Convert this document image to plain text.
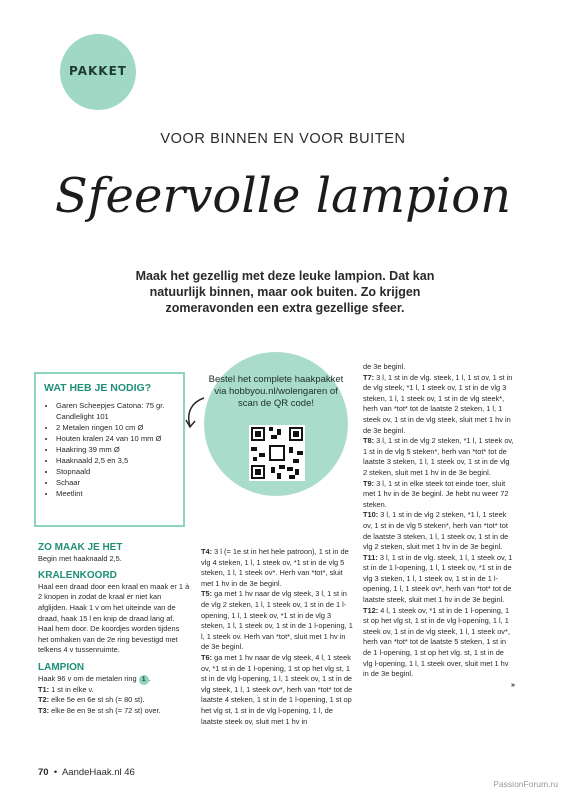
PAKKET
VOOR BINNEN EN VOOR BUITEN
Sfeervolle lampion
Maak het gezellig met deze leuke lampion. Dat kan natuurlijk binnen, maar ook buiten. Zo krijgen zomeravonden een extra gezellige sfeer.
WAT HEB JE NODIG?
• Garen Scheepjes Catona: 75 gr. Candlelight 101
• 2 Metalen ringen 10 cm Ø
• Houten kralen 24 van 10 mm Ø
• Haakring 39 mm Ø
• Haaknaald 2,5 en 3,5
• Stopnaald
• Schaar
• Meetlint
Bestel het complete haakpakket via hobbyou.nl/wolengaren of scan de QR code!
ZO MAAK JE HET

Begin met haaknaald 2,5.

KRALENKOORD

Haal een draad door een kraal en maak er 1 à 2 knopen in zodat de kraal er niet kan afglijden. Haak 1 v om het uiteinde van de draad, haak 15 l en knip de draad lang af. Haal hem door. De koordjes worden tijdens het omhaken van de 2e ring bevestigd met telkens 4 v tussenruimte.

LAMPION

Haak 96 v om de metalen ring 1 .

T1: 1 st in elke v.

T2: elke 5e en 6e st sh (= 80 st).

T3: elke 8e en 9e st sh (= 72 st) over.

T4: 3 l (= 1e st in het hele patroon), 1 st in de vlg 4 steken, 1 l, 1 steek ov, *1 st in de vlg 5 steken, 1 l, 1 steek ov*. Herh van *tot*, sluit met 1 hv in de 3e beginl.

T5: ga met 1 hv naar de vlg steek, 3 l, 1 st in de vlg 2 steken, 1 l, 1 steek ov, 1 st in de 1 l-opening, 1 l, 1 steek ov, *1 st in de vlg 3 steken, 1 l, 1 steek ov, 1 st in de 1 l-opening, 1 l, 1 steek ov. Herh van *tot*, sluit met 1 hv in de 3e beginl.

T6: ga met 1 hv naar de vlg steek, 4 l, 1 steek ov, *1 st in de 1 l-opening, 1 st op het vlg st, 1 st in de vlg l-opening, 1 l, 1 steek ov, 1 st in de vlg steek, 1 l, 1 steek ov*, herh van *tot* tot de laatste 4 steken, 1 st in de 1 l-opening, 1 st op het vlg st, 1 st in de vlg l-opening, 1 l, de laatste steek ov, sluit met 1 hv in

de 3e beginl.

T7: 3 l, 1 st in de vlg. steek, 1 l, 1 st ov, 1 st in de vlg steek, *1 l, 1 steek ov, 1 st in de vlg 3 steken, 1 l, 1 steek ov, 1 st in de vlg steek*, herh van *tot* tot de laatste 2 steken, 1 l, 1 steek ov, 1 st in de vlg steek, sluit met 1 hv in de 3e beginl.

T8: 3 l, 1 st in de vlg 2 steken, *1 l, 1 steek ov, 1 st in de vlg 5 steken*, herh van *tot* tot de laatste 3 steken, 1 l, 1 steek ov, 1 st in de vlg 2 steken, sluit met 1 hv in de 3e beginl.

T9: 3 l, 1 st in elke steek tot einde toer, sluit met 1 hv in de 3e beginl. Je hebt nu weer 72 steken.

T10: 3 l, 1 st in de vlg 2 steken, *1 l, 1 steek ov, 1 st in de vlg 5 steken*, herh van *tot* tot de laatste 3 steken, 1 l, 1 steek ov, 1 st in de vlg 2 steken, sluit met 1 hv in de 3e beginl.

T11: 3 l, 1 st in de vlg. steek, 1 l, 1 steek ov, 1 st in de 1 l-opening, 1 l, 1 steek ov, *1 st in de vlg 3 steken, 1 l, 1 steek ov, 1 st in de 1 l-opening, 1 l, 1 steek ov*, herh van *tot* tot de laatste steek, sluit met 1 hv in de 3e beginl.

T12: 4 l, 1 steek ov, *1 st in de 1 l-opening, 1 st op het vlg st, 1 st in de vlg l-opening, 1 l, 1 steek ov, 1 st in de vlg steek, 1 l, 1 steek ov*, herh van *tot* tot de laatste 5 steken, 1 st in de 1 l-opening, 1 st op het vlg. st, 1 st in de vlg l-opening, 1 l, 1 steek over, sluit met 1 hv in de 3e beginl.

»

70  •  AandeHaak.nl 46
PassionForum.ru
